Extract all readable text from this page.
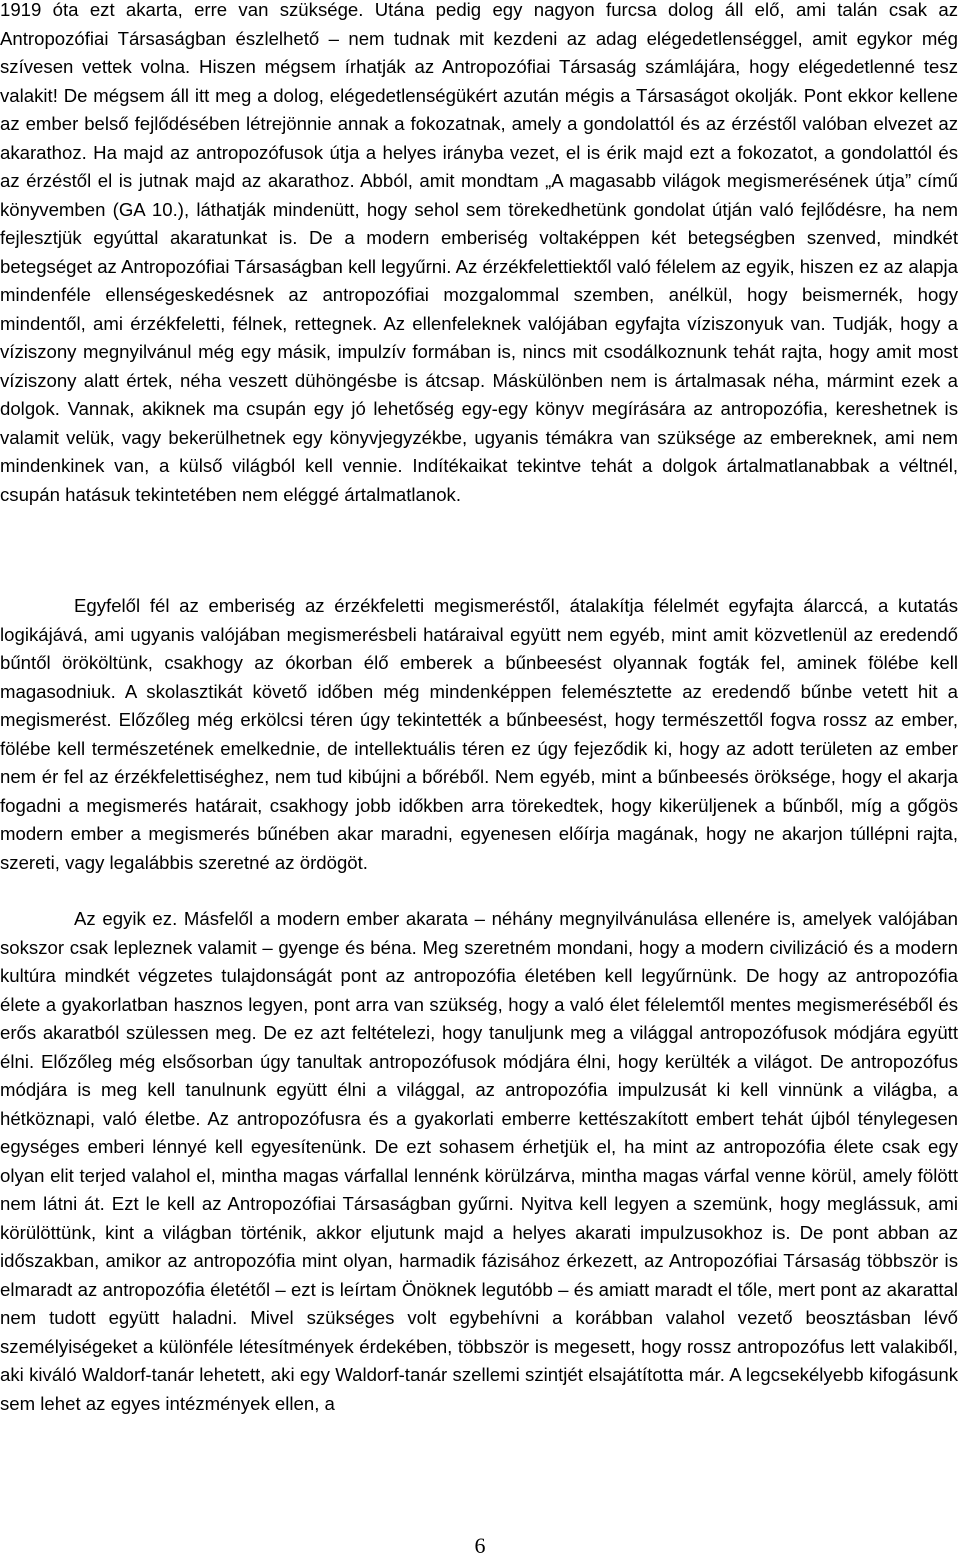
1919 óta ezt akarta, erre van szüksége. Utána pedig egy nagyon furcsa dolog áll elő, ami talán csak az Antropozófiai Társaságban észlelhető – nem tudnak mit kezdeni az adag elégedetlenséggel, amit egykor még szívesen vettek volna. Hiszen mégsem írhatják az Antropozófiai Társaság számlájára, hogy elégedetlenné tesz valakit! De mégsem áll itt meg a dolog, elégedetlenségükért azután mégis a Társaságot okolják. Pont ekkor kellene az ember belső fejlődésében létrejönnie annak a fokozatnak, amely a gondolattól és az érzéstől valóban elvezet az akarathoz. Ha majd az antropozófusok útja a helyes irányba vezet, el is érik majd ezt a fokozatot, a gondolattól és az érzéstől el is jutnak majd az akarathoz. Abból, amit mondtam „A magasabb világok megismerésének útja” című könyvemben (GA 10.), láthatják mindenütt, hogy sehol sem törekedhetünk gondolat útján való fejlődésre, ha nem fejlesztjük egyúttal akaratunkat is. De a modern emberiség voltaképpen két betegségben szenved, mindkét betegséget az Antropozófiai Társaságban kell legyűrni. Az érzékfelettiektől való félelem az egyik, hiszen ez az alapja mindenféle ellenségeskedésnek az antropozófiai mozgalommal szemben, anélkül, hogy beismernék, hogy mindentől, ami érzékfeletti, félnek, rettegnek. Az ellenfeleknek valójában egyfajta víziszonyuk van. Tudják, hogy a víziszony megnyilvánul még egy másik, impulzív formában is, nincs mit csodálkoznunk tehát rajta, hogy amit most víziszony alatt értek, néha veszett dühöngésbe is átcsap. Máskülönben nem is ártalmasak néha, mármint ezek a dolgok. Vannak, akiknek ma csupán egy jó lehetőség egy-egy könyv megírására az antropozófia, kereshetnek is valamit velük, vagy bekerülhetnek egy könyvjegyzékbe, ugyanis témákra van szüksége az embereknek, ami nem mindenkinek van, a külső világból kell vennie. Indítékaikat tekintve tehát a dolgok ártalmatlanabbak a véltnél, csupán hatásuk tekintetében nem eléggé ártalmatlanok.

Egyfelől fél az emberiség az érzékfeletti megismeréstől, átalakítja félelmét egyfajta álarccá, a kutatás logikájává, ami ugyanis valójában megismerésbeli határaival együtt nem egyéb, mint amit közvetlenül az eredendő bűntől örököltünk, csakhogy az ókorban élő emberek a bűnbeesést olyannak fogták fel, aminek fölébe kell magasodniuk. A skolasztikát követő időben még mindenképpen felemésztette az eredendő bűnbe vetett hit a megismerést. Előzőleg még erkölcsi téren úgy tekintették a bűnbeesést, hogy természettől fogva rossz az ember, fölébe kell természetének emelkednie, de intellektuális téren ez úgy fejeződik ki, hogy az adott területen az ember nem ér fel az érzékfelettiséghez, nem tud kibújni a bőréből. Nem egyéb, mint a bűnbeesés öröksége, hogy el akarja fogadni a megismerés határait, csakhogy jobb időkben arra törekedtek, hogy kikerüljenek a bűnből, míg a gőgös modern ember a megismerés bűnében akar maradni, egyenesen előírja magának, hogy ne akarjon túllépni rajta, szereti, vagy legalábbis szeretné az ördögöt.

Az egyik ez. Másfelől a modern ember akarata – néhány megnyilvánulása ellenére is, amelyek valójában sokszor csak lepleznek valamit – gyenge és béna. Meg szeretném mondani, hogy a modern civilizáció és a modern kultúra mindkét végzetes tulajdonságát pont az antropozófia életében kell legyűrnünk. De hogy az antropozófia élete a gyakorlatban hasznos legyen, pont arra van szükség, hogy a való élet félelemtől mentes megismeréséből és erős akaratból szülessen meg. De ez azt feltételezi, hogy tanuljunk meg a világgal antropozófusok módjára együtt élni. Előzőleg még elsősorban úgy tanultak antropozófusok módjára élni, hogy kerülték a világot. De antropozófus módjára is meg kell tanulnunk együtt élni a világgal, az antropozófia impulzusát ki kell vinnünk a világba, a hétköznapi, való életbe. Az antropozófusra és a gyakorlati emberre kettészakított embert tehát újból ténylegesen egységes emberi lénnyé kell egyesítenünk. De ezt sohasem érhetjük el, ha mint az antropozófia élete csak egy olyan elit terjed valahol el, mintha magas várfallal lennénk körülzárva, mintha magas várfal venne körül, amely fölött nem látni át. Ezt le kell az Antropozófiai Társaságban gyűrni. Nyitva kell legyen a szemünk, hogy meglássuk, ami körülöttünk, kint a világban történik, akkor eljutunk majd a helyes akarati impulzusokhoz is. De pont abban az időszakban, amikor az antropozófia mint olyan, harmadik fázisához érkezett, az Antropozófiai Társaság többször is elmaradt az antropozófia életétől – ezt is leírtam Önöknek legutóbb – és amiatt maradt el tőle, mert pont az akarattal nem tudott együtt haladni. Mivel szükséges volt egybehívni a korábban valahol vezető beosztásban lévő személyiségeket a különféle létesítmények érdekében, többször is megesett, hogy rossz antropozófus lett valakiből, aki kiváló Waldorf-tanár lehetett, aki egy Waldorf-tanár szellemi szintjét elsajátította már. A legcsekélyebb kifogásunk sem lehet az egyes intézmények ellen, a

6
